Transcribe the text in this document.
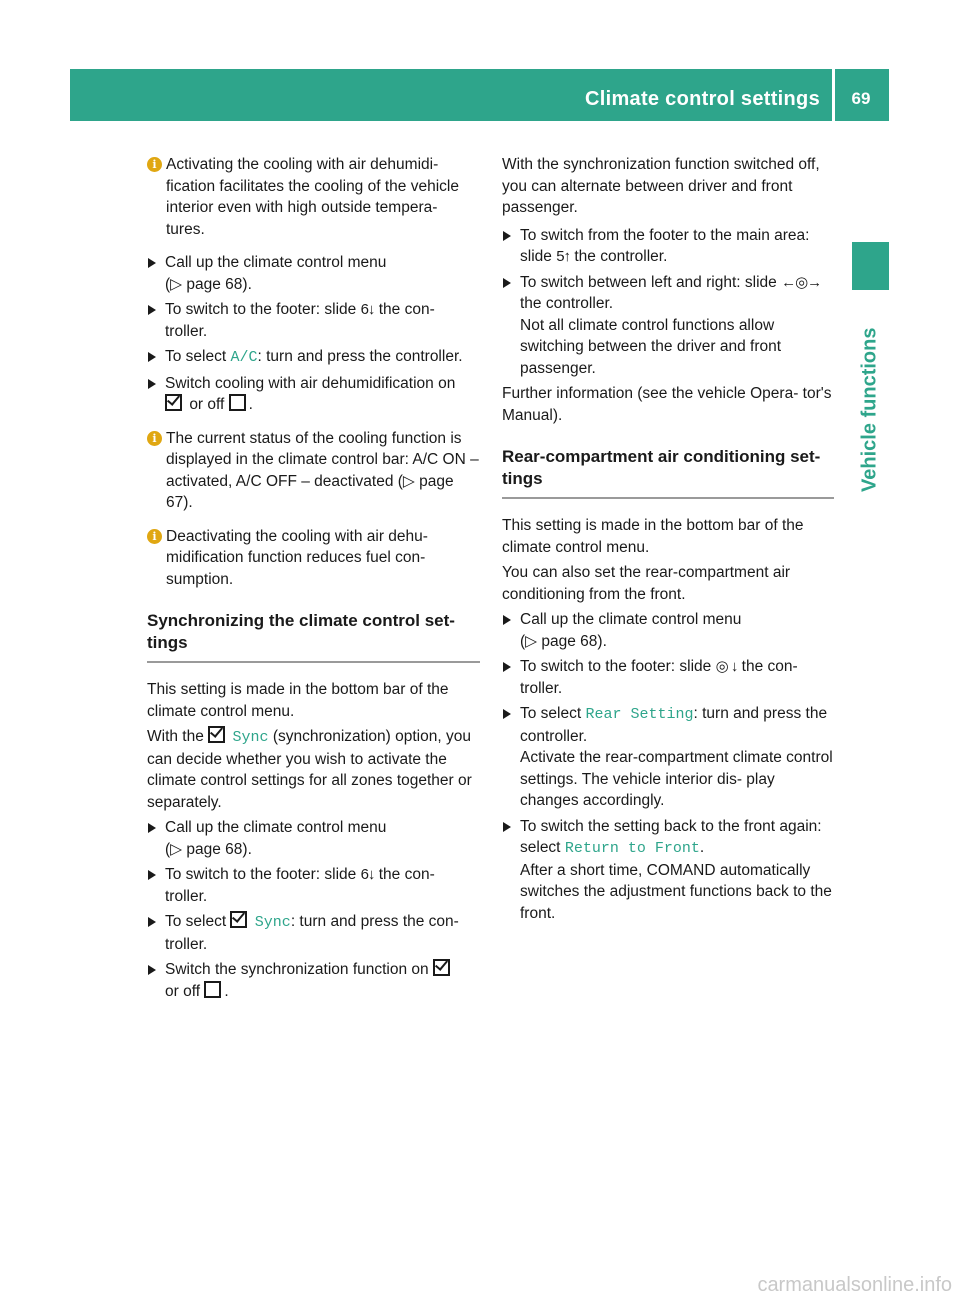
Climate control settings	69
Vehicle functions
i Activating the cooling with air dehumidi- fication facilitates the cooling of the vehicle interior even with high outside tempera- tures.
Call up the climate control menu
(▷ page 68).
To switch to the footer: slide 6↓ the con- troller.
To select A/C: turn and press the controller.
Switch cooling with air dehumidification on
or off .
i The current status of the cooling function is displayed in the climate control bar: A/C ON – activated, A/C OFF – deactivated (▷ page 67).
i Deactivating the cooling with air dehu- midification function reduces fuel con- sumption.
Synchronizing the climate control set- tings

This setting is made in the bottom bar of the climate control menu.

With the Sync (synchronization) option, you can decide whether you wish to activate the climate control settings for all zones together or separately.

Call up the climate control menu
(▷ page 68).
To switch to the footer: slide 6↓ the con- troller.
To select Sync: turn and press the con- troller.
Switch the synchronization function on
or off .

With the synchronization function switched off, you can alternate between driver and front passenger.

To switch from the footer to the main area: slide 5↑ the controller.
To switch between left and right: slide ←◎→ the controller.
Not all climate control functions allow switching between the driver and front passenger.

Further information (see the vehicle Opera- tor's Manual).

Rear-compartment air conditioning set- tings

This setting is made in the bottom bar of the climate control menu.

You can also set the rear-compartment air conditioning from the front.

Call up the climate control menu
(▷ page 68).
To switch to the footer: slide ◎ ↓ the con- troller.
To select Rear Setting: turn and press the controller.
Activate the rear-compartment climate control settings. The vehicle interior dis- play changes accordingly.
To switch the setting back to the front again: select Return to Front.
After a short time, COMAND automatically switches the adjustment functions back to the front.
carmanualsonline.info
